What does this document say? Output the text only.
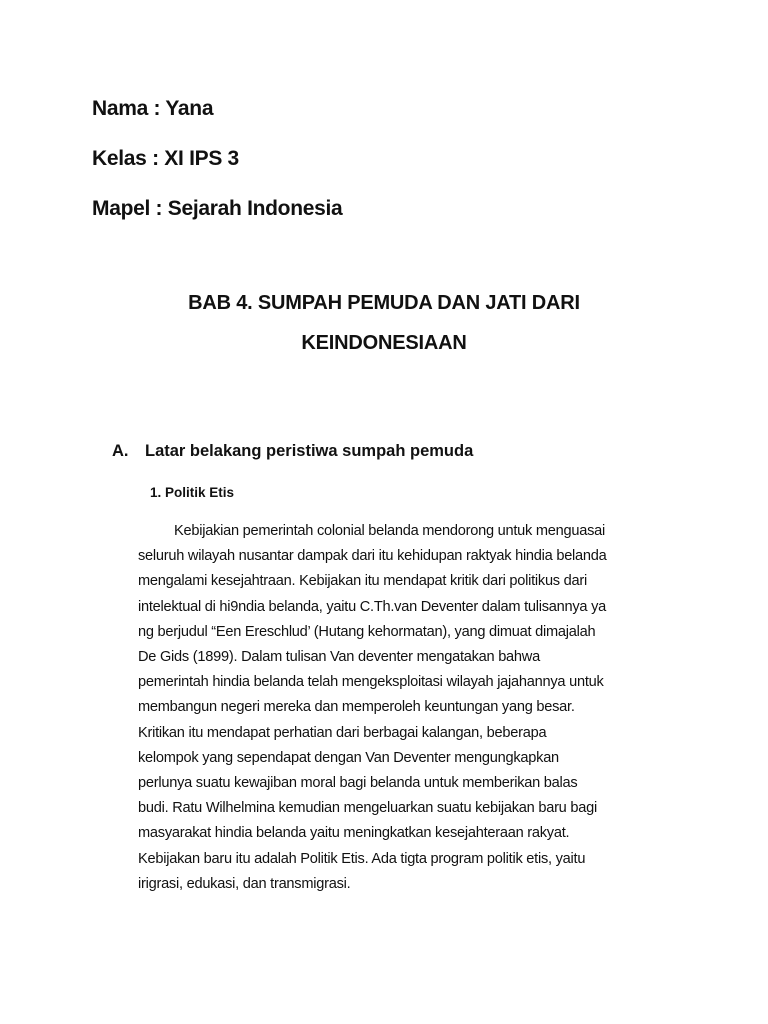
Nama : Yana
Kelas : XI IPS 3
Mapel : Sejarah Indonesia
BAB 4. SUMPAH PEMUDA DAN JATI DARI
KEINDONESIAAN
A. Latar belakang peristiwa sumpah pemuda
1. Politik Etis
Kebijakian pemerintah colonial belanda mendorong untuk menguasai
seluruh wilayah nusantar dampak dari itu kehidupan raktyak hindia belanda
mengalami kesejahtraan. Kebijakan itu mendapat kritik dari politikus dari
intelektual di hi9ndia belanda, yaitu C.Th.van Deventer dalam tulisannya ya
ng berjudul “Een Ereschlud’ (Hutang kehormatan), yang dimuat dimajalah
De Gids (1899). Dalam tulisan Van deventer mengatakan bahwa
pemerintah hindia belanda telah mengeksploitasi wilayah jajahannya untuk
membangun negeri mereka dan memperoleh keuntungan yang besar.
Kritikan itu mendapat perhatian dari berbagai kalangan, beberapa
kelompok yang sependapat dengan Van Deventer mengungkapkan
perlunya suatu kewajiban moral bagi belanda untuk memberikan balas
budi. Ratu Wilhelmina kemudian mengeluarkan suatu kebijakan baru bagi
masyarakat hindia belanda yaitu meningkatkan kesejahteraan rakyat.
Kebijakan baru itu adalah Politik Etis. Ada tigta program politik etis, yaitu
irigrasi, edukasi, dan transmigrasi.
